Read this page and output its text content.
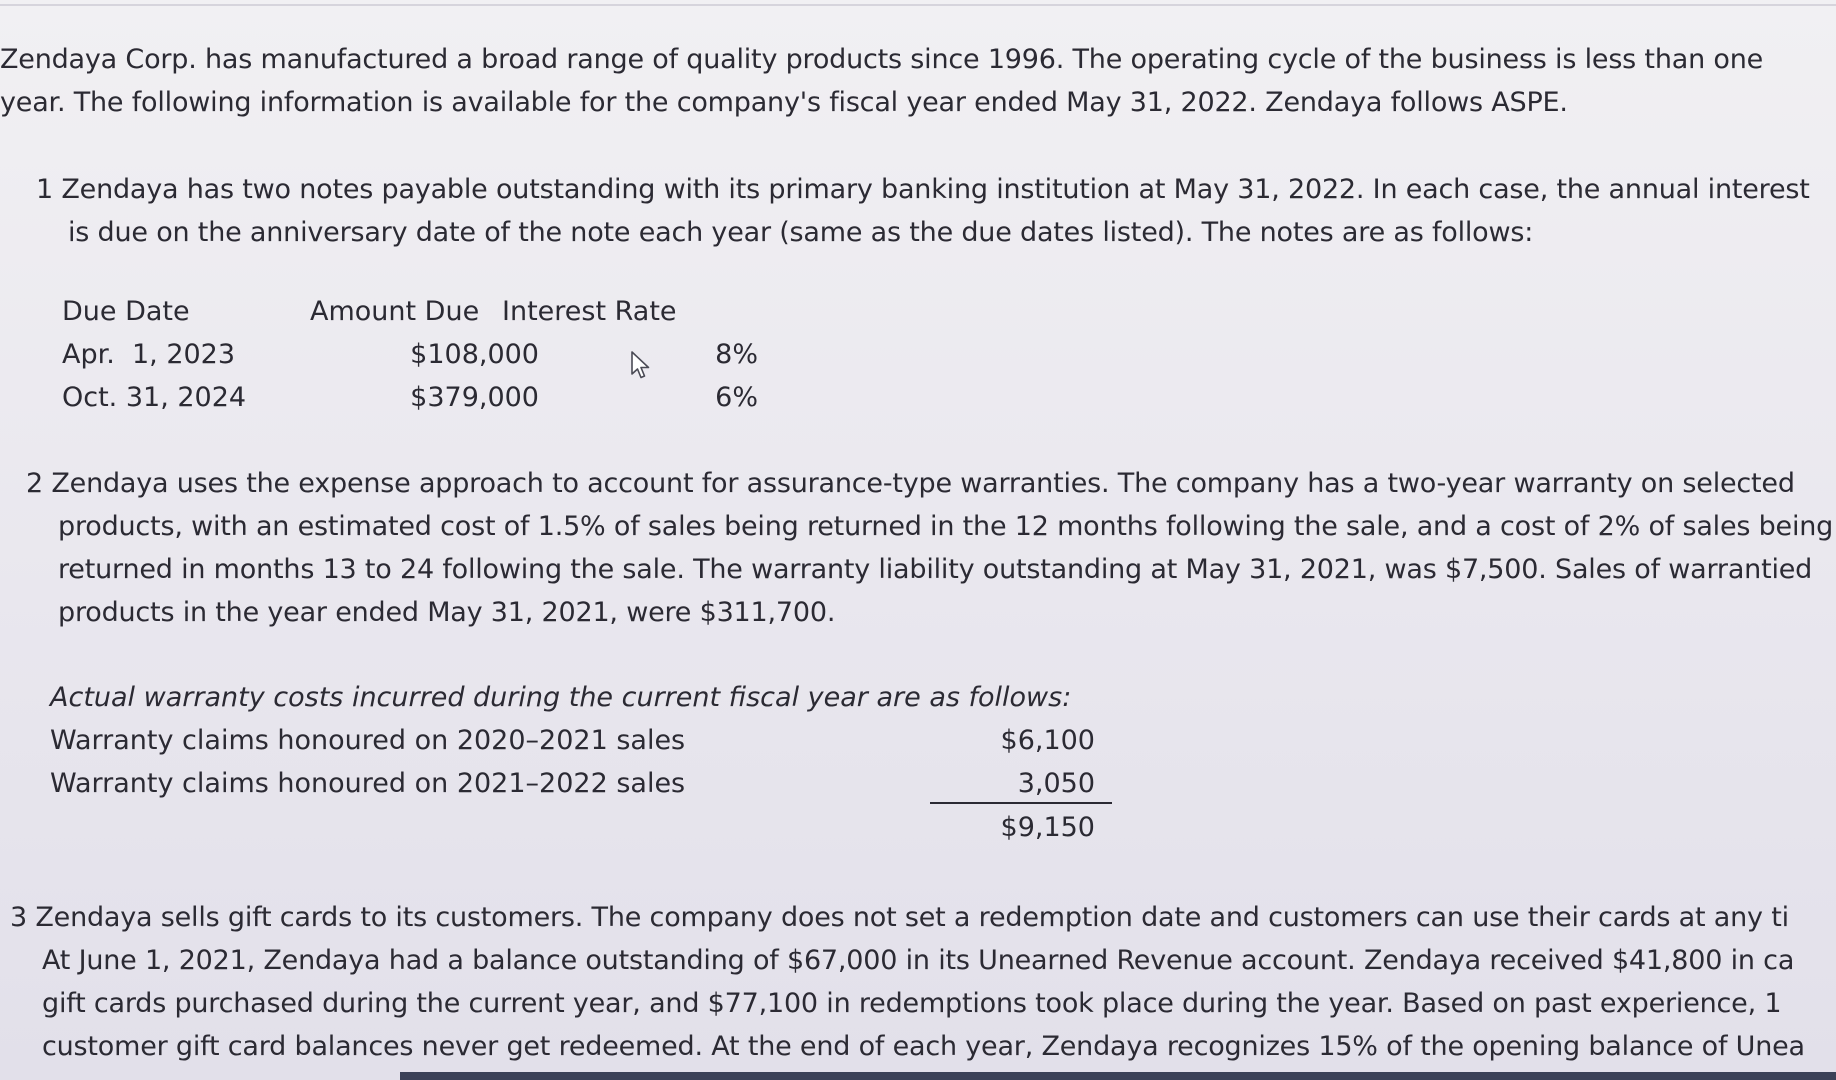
Zendaya Corp. has manufactured a broad range of quality products since 1996. The operating cycle of the business is less than one
year. The following information is available for the company's fiscal year ended May 31, 2022. Zendaya follows ASPE.
1 Zendaya has two notes payable outstanding with its primary banking institution at May 31, 2022. In each case, the annual interest
is due on the anniversary date of the note each year (same as the due dates listed). The notes are as follows:
Due Date	Amount Due Interest Rate
Apr.  1, 2023	$108,000	8%
Oct. 31, 2024	$379,000	6%
2 Zendaya uses the expense approach to account for assurance-type warranties. The company has a two-year warranty on selected
products, with an estimated cost of 1.5% of sales being returned in the 12 months following the sale, and a cost of 2% of sales being
returned in months 13 to 24 following the sale. The warranty liability outstanding at May 31, 2021, was $7,500. Sales of warrantied
products in the year ended May 31, 2021, were $311,700.
Actual warranty costs incurred during the current fiscal year are as follows:
Warranty claims honoured on 2020–2021 sales	$6,100
Warranty claims honoured on 2021–2022 sales	3,050
$9,150
3 Zendaya sells gift cards to its customers. The company does not set a redemption date and customers can use their cards at any ti
At June 1, 2021, Zendaya had a balance outstanding of $67,000 in its Unearned Revenue account. Zendaya received $41,800 in ca
gift cards purchased during the current year, and $77,100 in redemptions took place during the year. Based on past experience, 1
customer gift card balances never get redeemed. At the end of each year, Zendaya recognizes 15% of the opening balance of Unea
